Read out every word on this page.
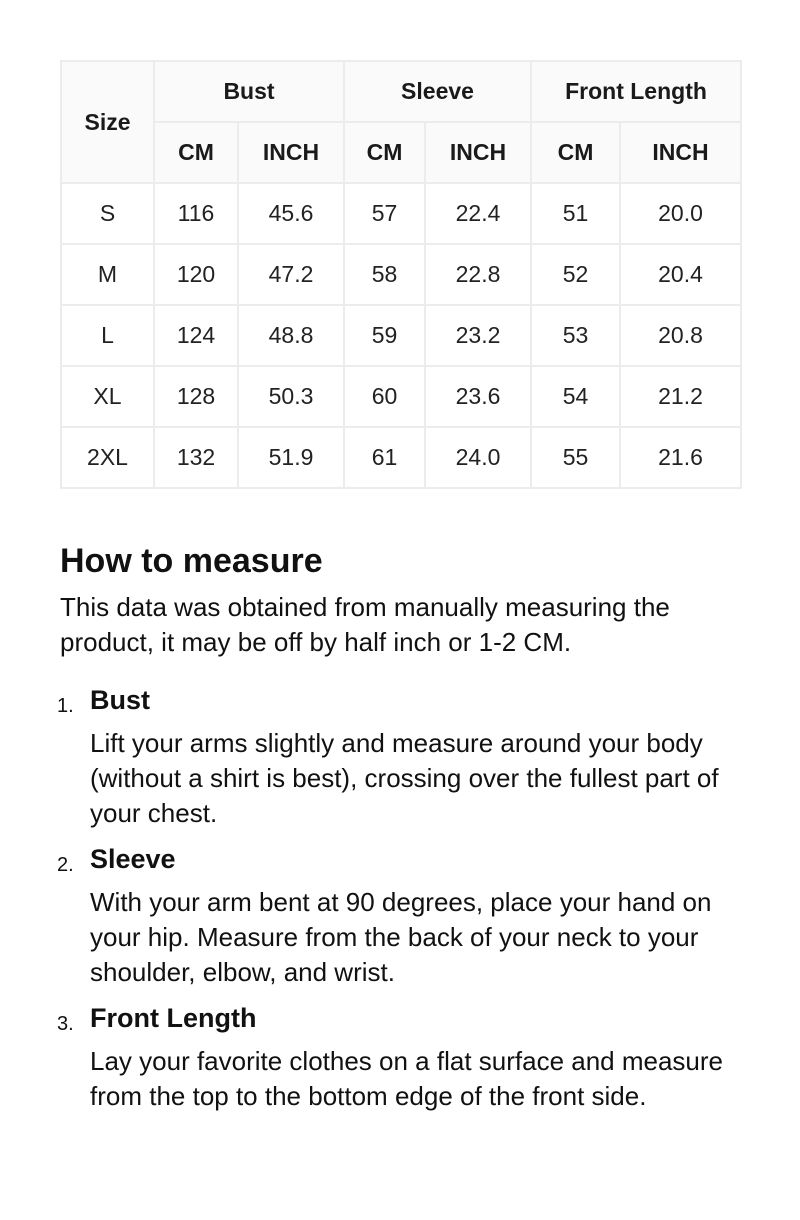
Size	Bust		Sleeve		Front Length	
	CM	INCH	CM	INCH	CM	INCH
S	116	45.6	57	22.4	51	20.0
M	120	47.2	58	22.8	52	20.4
L	124	48.8	59	23.2	53	20.8
XL	128	50.3	60	23.6	54	21.2
2XL	132	51.9	61	24.0	55	21.6
How to measure

This data was obtained from manually measuring the product, it may be off by half inch or 1-2 CM.

1. Bust
Lift your arms slightly and measure around your body (without a shirt is best), crossing over the fullest part of your chest.
2. Sleeve
With your arm bent at 90 degrees, place your hand on your hip. Measure from the back of your neck to your shoulder, elbow, and wrist.
3. Front Length
Lay your favorite clothes on a flat surface and measure from the top to the bottom edge of the front side.
